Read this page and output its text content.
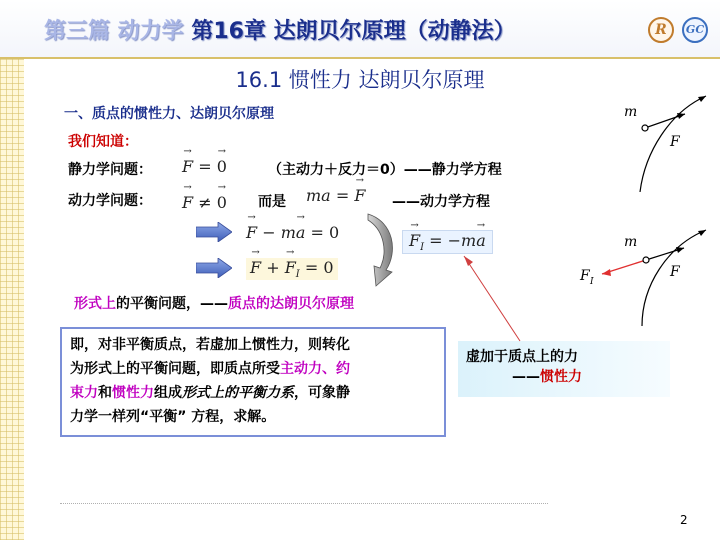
第三篇 动力学 第16章 达朗贝尔原理（动静法）	R	GC
16.1 惯性力 达朗贝尔原理
一、质点的惯性力、达朗贝尔原理
我们知道：
静力学问题： → F = → 0	（主动力＋反力＝0）——静力学方程
动力学问题： → F ≠ → 0 而是 ma = → F ——动力学方程
→ F − m→ a = 0
→ F + → $F_I = 0$
→ $F_I = -m\to a$
形式上的平衡问题，——质点的达朗贝尔原理
即，对非平衡质点，若虚加上惯性力，则转化
为形式上的平衡问题，即质点所受主动力、约
束力和惯性力组成形式上的平衡力系，可象静
力学一样列“平衡” 方程，求解。
虚加于质点上的力
——惯性力
m
F
m
F
F I
2
